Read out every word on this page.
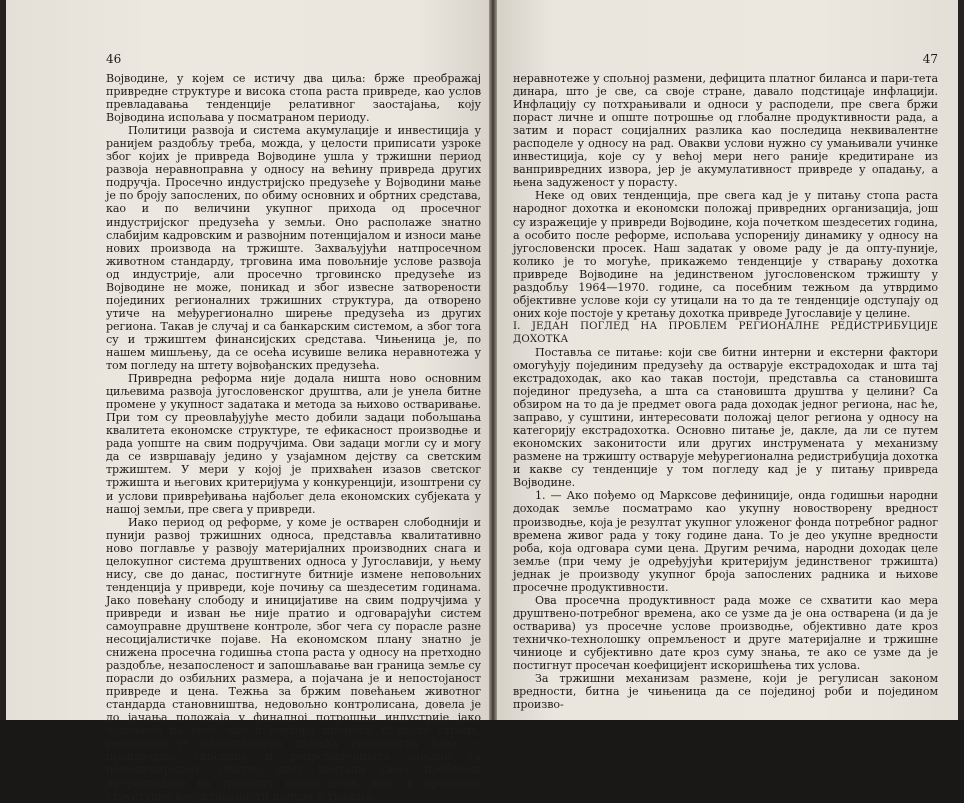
46

Војводине, у којем се истичу два циља: брже преображај привредне структуре и висока стопа раста привреде, као услов превладавања тенденције релативног заостајања, коју Војводина испољава у посматраном периоду.

Политици развоја и система акумулације и инвестиција у ранијем раздобљу треба, можда, у целости приписати узроке због којих је привреда Војводине ушла у тржишни период развоја неравноправна у односу на већину привреда других подручја. Просечно индустријско предузеће у Војводини мање је по броју запослених, по обиму основних и обртних средстава, као и по величини укупног прихода од просечног индустријског предузећа у земљи. Оно располаже знатно слабијим кадровским и развојним потенцијалом и износи мање нових производа на тржиште. Захваљујући натпросечном животном стандарду, трговина има повољније услове развоја од индустрије, али просечно трговинско предузеће из Војводине не може, поникад и због извесне затворености појединих регионалних тржишних структура, да отворено утиче на међурегионално ширење предузећа из других региона. Такав је случај и са банкарским системом, а због тога су и тржиштем финансијских средстава. Чињеница је, по нашем мишљењу, да се осећа исувише велика неравнотежа у том погледу на штету војвођанских предузећа.

Привредна реформа није додала ништа ново основним циљевима развоја југословенског друштва, али је унела битне промене у укупност задатака и метода за њихово остваривање. При том су преовлађујуће место добили задаци побољшања квалитета економске структуре, те ефикасност производње и рада уопште на свим подручјима. Ови задаци могли су и могу да се извршавају једино у узајамном дејству са светским тржиштем. У мери у којој је прихваћен изазов светског тржишта и његових критеријума у конкуренцији, изоштрени су и услови привређивања најбољег дела економских субјеката у нашој земљи, пре свега у привреди.

Иако период од реформе, у коме је остварен слободнији и пунији развој тржишних односа, представља квалитативно ново поглавље у развоју материјалних производних снага и целокупног система друштвених односа у Југославији, у њему нису, све до данас, постигнуте битније измене неповољних тенденција у привреди, које почињу са шездесетим годинама. Јако повећану слободу и иницијативе на свим подручјима у привреди и изван ње није пратио и одговарајући систем самоуправне друштвене контроле, због чега су порасле разне несоцијалистичке појаве. На економском плану знатно је снижена просечна годишња стопа раста у односу на претходно раздобље, незапосленост и запошљавање ван граница земље су порасли до озбиљних размера, а појачана је и непостојаност привреде и цена. Тежња за бржим повећањем животног стандарда становништва, недовољно контролисана, довела је до јачања положаја у финалној потрошњи индустрије јако ослоњене на увоз, као и сектора промета. С друге стране, релативно је запостављена домаћа сировинска база — производња сировина и репроматеријала заједно са пољопривредом. Одатле нису настали само проблеми прерасподеле на тржишту преко цена, него и проблеми структурне несуклађености понуде и тражње,

47

неравнотеже у спољној размени, дефицита платног биланса и пари-тета динара, што је све, са своје стране, давало подстицаје инфлацији. Инфлацију су потхрањивали и односи у расподели, пре свега бржи пораст личне и опште потрошње од глобалне продуктивности рада, а затим и пораст социјалних разлика као последица неквивалентне расподеле у односу на рад. Овакви услови нужно су умањивали учинке инвестиција, које су у већој мери него раније кредитиране из ванпривредних извора, јер је акумулативност привреде у опадању, а њена задуженост у порасту.

Неке од ових тенденција, пре свега кад је у питању стопа раста народног дохотка и економски положај привредних организација, још су изражеције у привреди Војводине, која почетком шездесетих година, а особито после реформе, испољава успоренију динамику у односу на југословенски просек. Наш задатак у овоме раду је да опту-пуније, колико је то могуће, прикажемо тенденције у стварању дохотка привреде Војводине на јединственом југословенском тржишту у раздобљу 1964—1970. године, са посебним тежњом да утврдимо објективне услове који су утицали на то да те тенденције одступају од оних које постоје у кретању дохотка привреде Југославије у целине.

I. ЈЕДАН ПОГЛЕД НА ПРОБЛЕМ РЕГИОНАЛНЕ РЕДИСТРИБУЦИЈЕ ДОХОТКА

Поставља се питање: који све битни интерни и екстерни фактори омогућују појединим предузећу да остварује екстрадоходак и шта тај екстрадоходак, ако као такав постоји, представља са становишта појединог предузећа, а шта са становишта друштва у целини? Са обзиром на то да је предмет овога рада доходак једног региона, нас ће, заправо, у суштини, интересовати положај целог региона у односу на категорију екстрадохотка. Основно питање је, дакле, да ли се путем економских законитости или других инструмената у механизму размене на тржишту остварује међурегионална редистрибуција дохотка и какве су тенденције у том погледу кад је у питању привреда Војводине.

1. — Ако пођемо од Марксове дефиниције, онда годишњи народни доходак земље посматрамо као укупну новостворену вредност производње, која је резултат укупног уложеног фонда потребног радног времена живог рада у току године дана. То је део укупне вредности роба, која одговара суми цена. Другим речима, народни доходак целе земље (при чему је одређујући критеријум јединственог тржишта) једнак је производу укупног броја запослених радника и њихове просечне продуктивности.

Ова просечна продуктивност рада може се схватити као мера друштвено-потребног времена, ако се узме да је она остварена (и да је остварива) уз просечне услове производње, објективно дате кроз техничко-технолошку опремљеност и друге материјалне и тржишне чиниоце и субјективно дате кроз суму знања, те ако се узме да је постигнут просечан коефицијент искоришћења тих услова.

За тржишни механизам размене, који је регулисан законом вредности, битна је чињеница да се појединој роби и поједином произво-
